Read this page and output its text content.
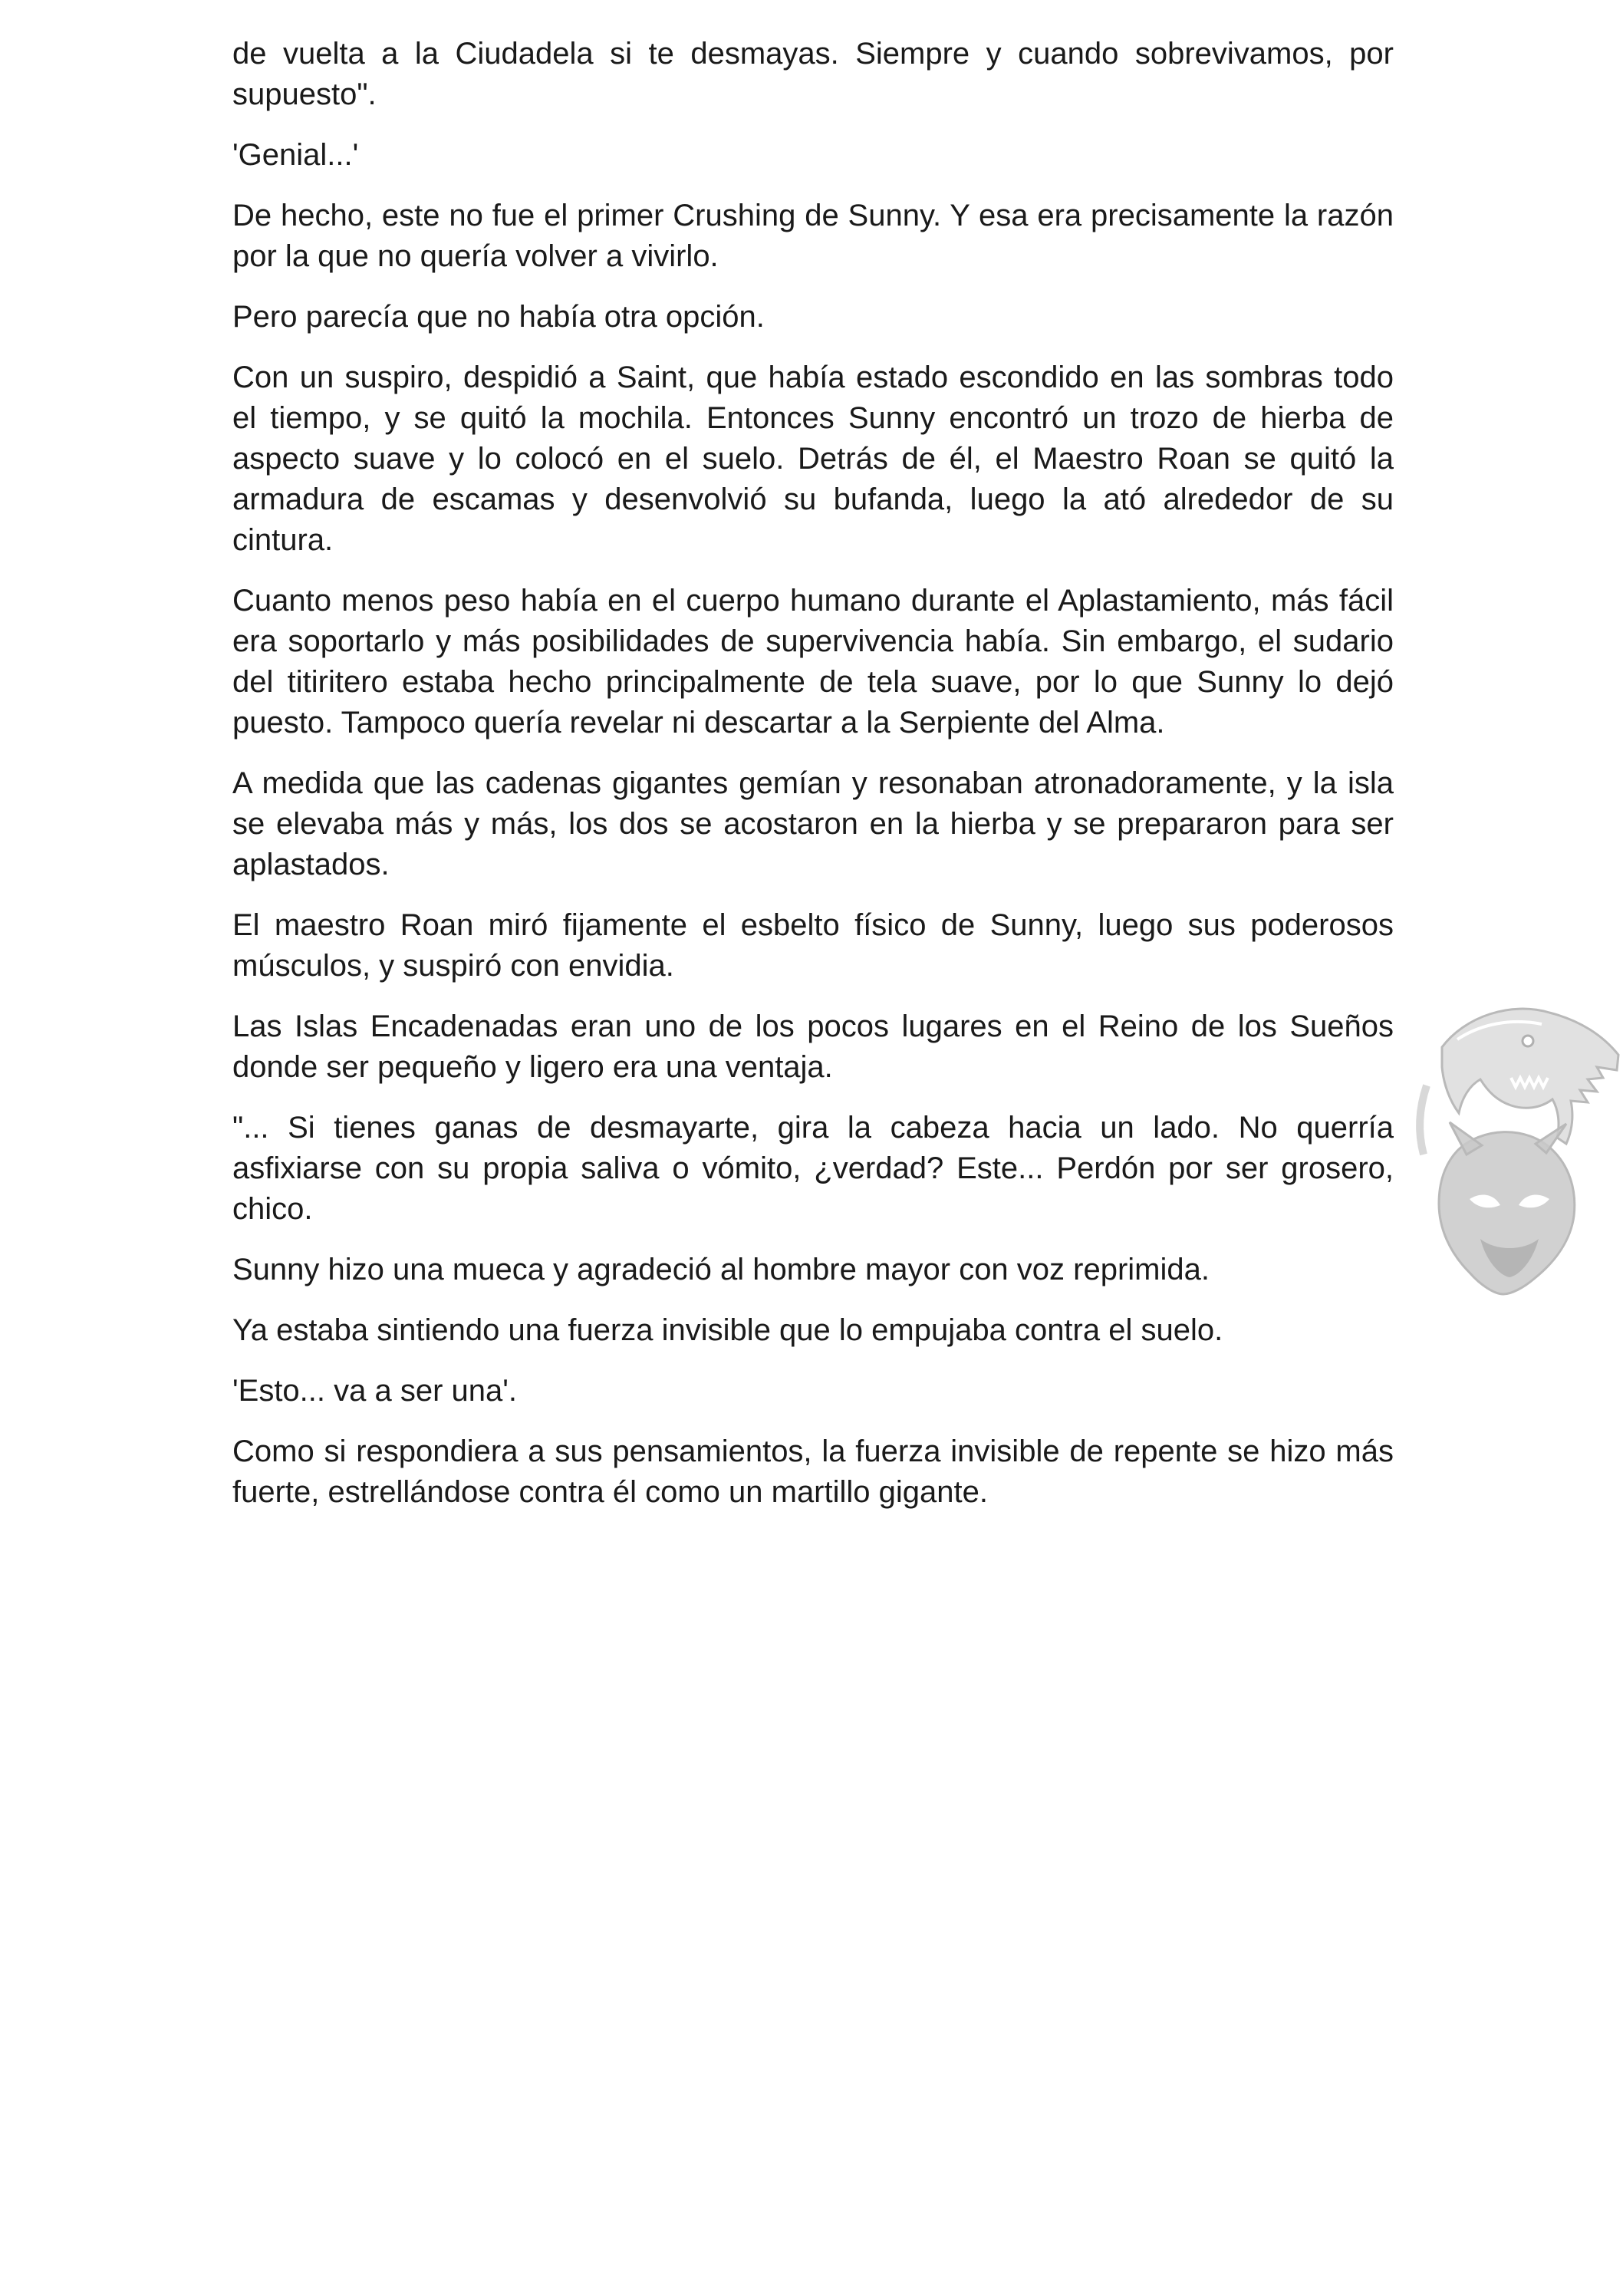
de vuelta a la Ciudadela si te desmayas. Siempre y cuando sobrevivamos, por supuesto".

'Genial...'

De hecho, este no fue el primer Crushing de Sunny. Y esa era precisamente la razón por la que no quería volver a vivirlo.

Pero parecía que no había otra opción.

Con un suspiro, despidió a Saint, que había estado escondido en las sombras todo el tiempo, y se quitó la mochila. Entonces Sunny encontró un trozo de hierba de aspecto suave y lo colocó en el suelo. Detrás de él, el Maestro Roan se quitó la armadura de escamas y desenvolvió su bufanda, luego la ató alrededor de su cintura.

Cuanto menos peso había en el cuerpo humano durante el Aplastamiento, más fácil era soportarlo y más posibilidades de supervivencia había. Sin embargo, el sudario del titiritero estaba hecho principalmente de tela suave, por lo que Sunny lo dejó puesto. Tampoco quería revelar ni descartar a la Serpiente del Alma.

A medida que las cadenas gigantes gemían y resonaban atronadoramente, y la isla se elevaba más y más, los dos se acostaron en la hierba y se prepararon para ser aplastados.

El maestro Roan miró fijamente el esbelto físico de Sunny, luego sus poderosos músculos, y suspiró con envidia.

Las Islas Encadenadas eran uno de los pocos lugares en el Reino de los Sueños donde ser pequeño y ligero era una ventaja.

"... Si tienes ganas de desmayarte, gira la cabeza hacia un lado. No querría asfixiarse con su propia saliva o vómito, ¿verdad? Este... Perdón por ser grosero, chico.

Sunny hizo una mueca y agradeció al hombre mayor con voz reprimida.

Ya estaba sintiendo una fuerza invisible que lo empujaba contra el suelo.

'Esto... va a ser una'.

Como si respondiera a sus pensamientos, la fuerza invisible de repente se hizo más fuerte, estrellándose contra él como un martillo gigante.
